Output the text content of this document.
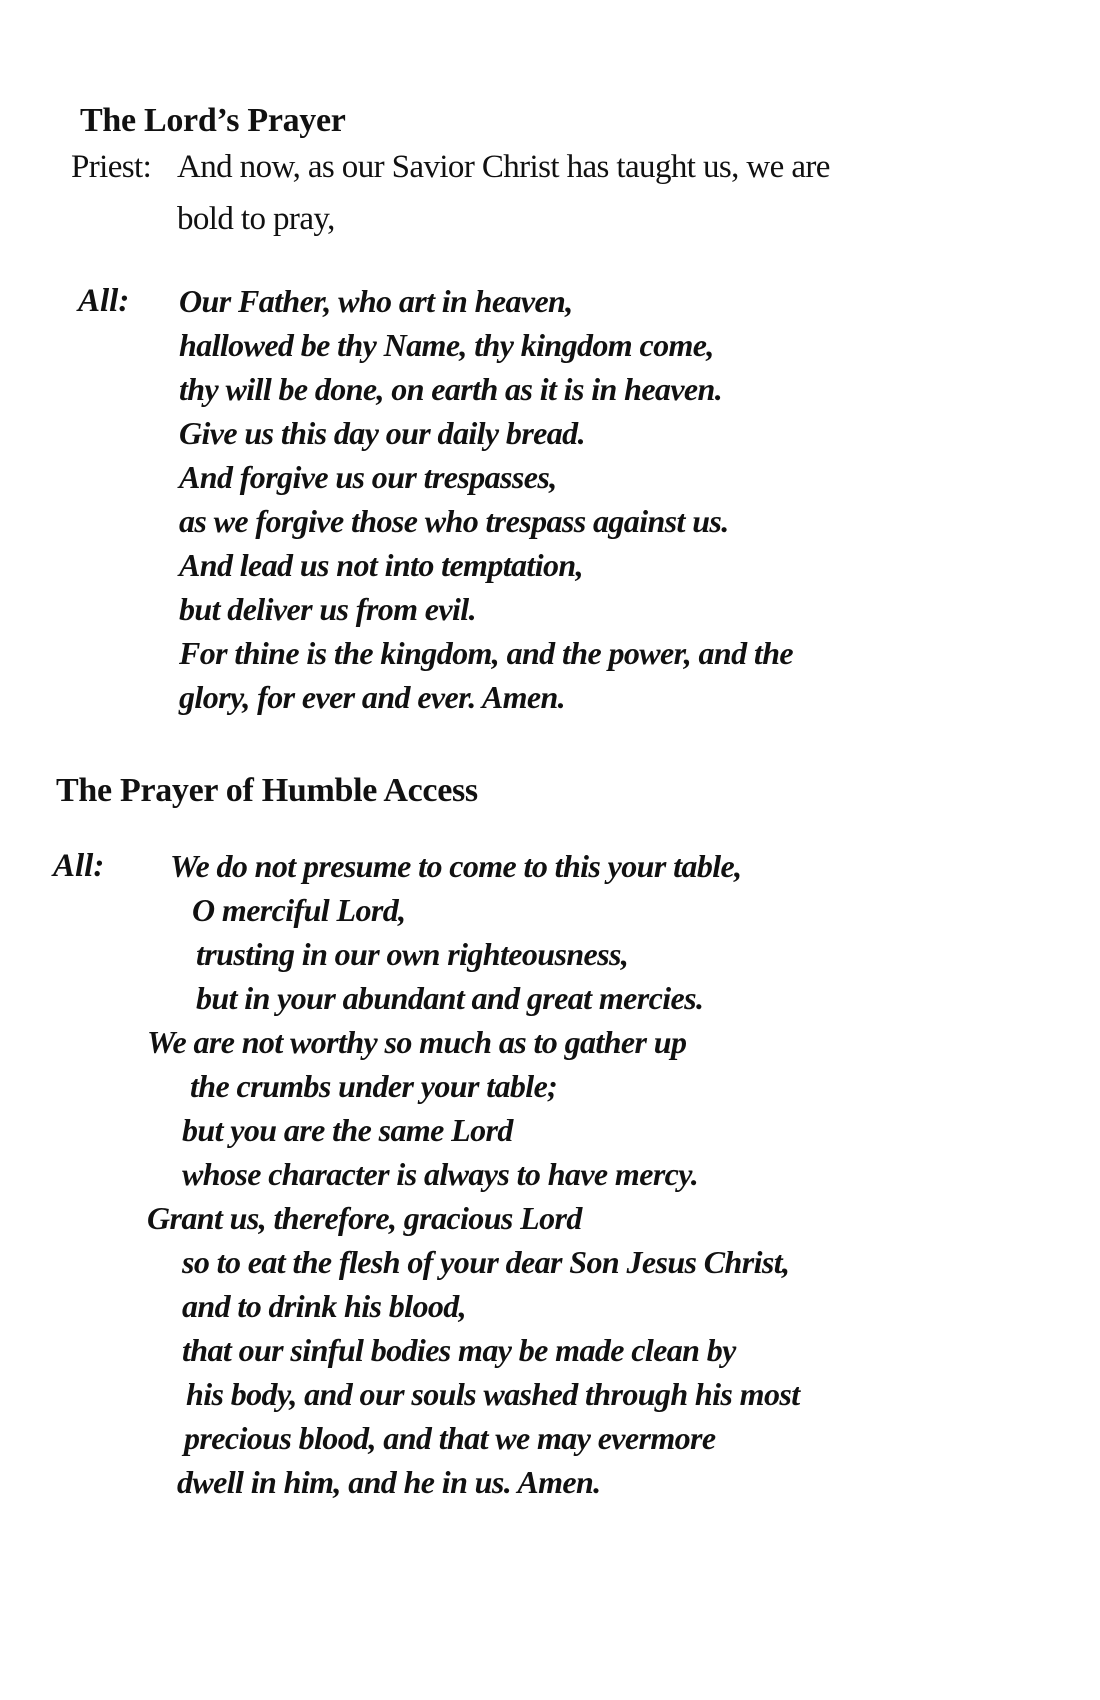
The Lord’s Prayer
Priest: And now, as our Savior Christ has taught us, we are
bold to pray,
All: Our Father, who art in heaven,
hallowed be thy Name, thy kingdom come,
thy will be done, on earth as it is in heaven.
Give us this day our daily bread.
And forgive us our trespasses,
as we forgive those who trespass against us.
And lead us not into temptation,
but deliver us from evil.
For thine is the kingdom, and the power, and the
glory, for ever and ever. Amen.
The Prayer of Humble Access
All: We do not presume to come to this your table,
O merciful Lord,
trusting in our own righteousness,
but in your abundant and great mercies.
We are not worthy so much as to gather up
the crumbs under your table;
but you are the same Lord
whose character is always to have mercy.
Grant us, therefore, gracious Lord
so to eat the flesh of your dear Son Jesus Christ,
and to drink his blood,
that our sinful bodies may be made clean by
his body, and our souls washed through his most
precious blood, and that we may evermore
dwell in him, and he in us. Amen.
